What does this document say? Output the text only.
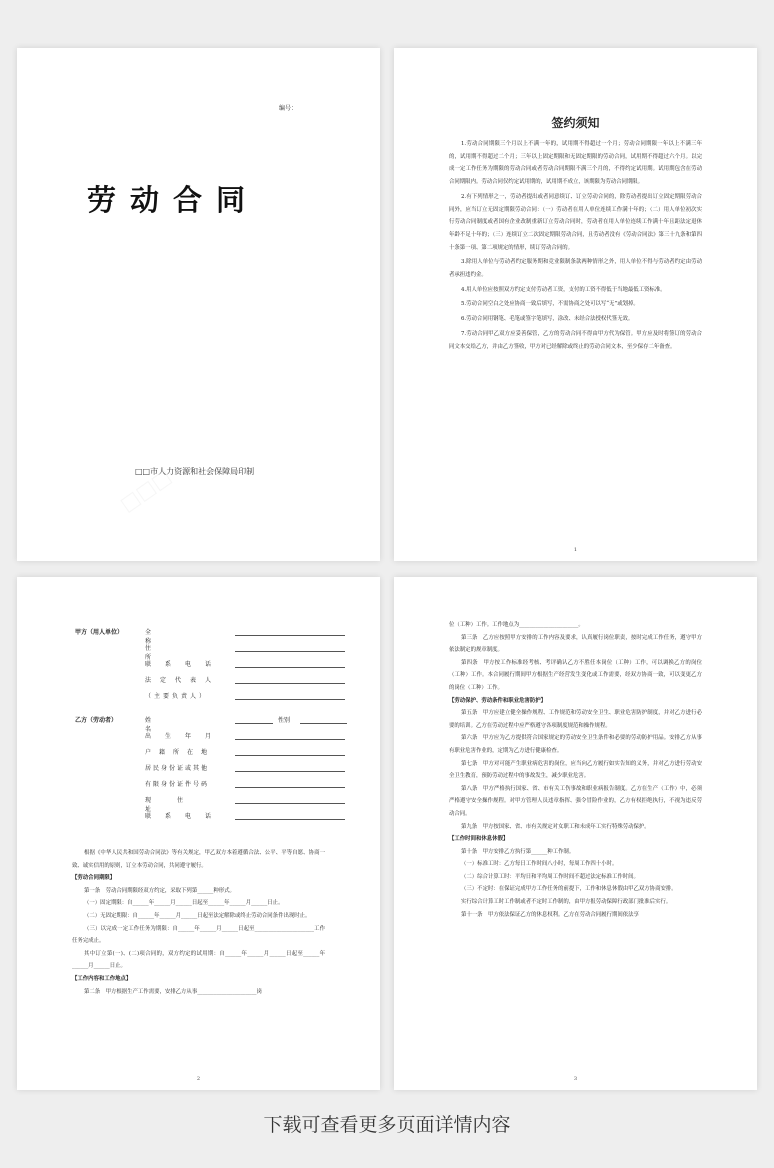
编号：
劳动合同
□□市人力资源和社会保障局印制
签约须知

1.劳动合同期限三个月以上不满一年的，试用期不得超过一个月；劳动合同期限一年以上不满三年的，试用期不得超过二个月；三年以上固定期限和无固定期限的劳动合同，试用期不得超过六个月。以完成一定工作任务为期限的劳动合同或者劳动合同期限不满三个月的，不得约定试用期。试用期包含在劳动合同期限内。劳动合同仅约定试用期的，试用期不成立，该期限为劳动合同期限。

2.有下列情形之一，劳动者提出或者同意续订、订立劳动合同的，除劳动者提出订立固定期限劳动合同外，应当订立无固定期限劳动合同：（一）劳动者在用人单位连续工作满十年的；（二）用人单位初次实行劳动合同制度或者国有企业改制重新订立劳动合同时，劳动者在用人单位连续工作满十年且距法定退休年龄不足十年的；（三）连续订立二次固定期限劳动合同，且劳动者没有《劳动合同法》第三十九条和第四十条第一项、第二项规定的情形，续订劳动合同的。

3.除用人单位与劳动者约定服务期和竞业限制条款两种情形之外，用人单位不得与劳动者约定由劳动者承担违约金。

4.用人单位应按照双方约定支付劳动者工资，支付的工资不得低于当地最低工资标准。

5.劳动合同空白之处应协商一致后填写，不需协商之处可以写“无”或划掉。

6.劳动合同用钢笔、毛笔或签字笔填写，涂改、未经合法授权代签无效。

7.劳动合同甲乙双方应妥善保管，乙方的劳动合同不得由甲方代为保管。甲方应及时将签订的劳动合同文本交给乙方，并由乙方签收，甲方对已经解除或终止的劳动合同文本，至少保存二年备查。

1
甲方（用人单位）	全称
住所
联系电话
法定代表人
（主要负责人）
乙方（劳动者）	姓名
性别
出生年月
户籍所在地
居民身份证或其他
有限身份证件号码
现住址
联系电话

根据《中华人民共和国劳动合同法》等有关规定，甲乙双方本着遵循合法、公平、平等自愿、协商一致、诚实信用的原则，订立本劳动合同，共同遵守履行。

【劳动合同期限】

第一条　劳动合同期限经双方约定，采取下列第______种形式。

（一）固定期限：自______年______月______日起至______年______月______日止。

（二）无固定期限：自______年______月______日起至法定解除或终止劳动合同条件出现时止。

（三）以完成一定工作任务为期限：自______年______月______日起至______________________工作任务完成止。

其中订立第(一)、(二)项合同的，双方约定的试用期：自______年______月______日起至______年______月______日止。

【工作内容和工作地点】

第二条　甲方根据生产工作需要，安排乙方从事______________________岗

2

位（工种）工作。工作地点为______________________。

第三条　乙方应按照甲方安排的工作内容及要求，认真履行岗位职责，按时完成工作任务，遵守甲方依法制定的规章制度。

第四条　甲方按工作标准经考核、考评确认乙方不胜任本岗位（工种）工作，可以调换乙方的岗位（工种）工作。本合同履行期间甲方根据生产经营发生变化或工作需要，经双方协商一致，可以变更乙方的岗位（工种）工作。

【劳动保护、劳动条件和职业危害防护】

第五条　甲方应建立健全操作规程、工作规范和劳动安全卫生、职业危害防护制度，并对乙方进行必要的培训。乙方在劳动过程中应严格遵守各项制度规范和操作规程。

第六条　甲方应为乙方提供符合国家规定的劳动安全卫生条件和必要的劳动防护用品。安排乙方从事有职业危害作业的，定期为乙方进行健康检查。

第七条　甲方对可能产生职业病危害的岗位，应当向乙方履行如实告知的义务，并对乙方进行劳动安全卫生教育，预防劳动过程中的事故发生，减少职业危害。

第八条　甲方严格执行国家、省、市有关工伤事故和职业病报告制度。乙方在生产（工作）中，必须严格遵守安全操作规程。对甲方管理人员违章指挥、强令冒险作业的，乙方有权拒绝执行，不视为违反劳动合同。

第九条　甲方按国家、省、市有关规定对女职工和未成年工实行特殊劳动保护。

【工作时间和休息休假】

第十条　甲方安排乙方执行第______种工作制。

（一）标准工时：乙方每日工作时间八小时，每周工作四十小时。

（二）综合计算工时：平均日和平均周工作时间不超过法定标准工作时间。

（三）不定时：在保证完成甲方工作任务的前提下，工作和休息休假由甲乙双方协商安排。

实行综合计算工时工作制或者不定时工作制的，由甲方报劳动保障行政部门批准后实行。

第十一条　甲方依法保证乙方的休息权利。乙方在劳动合同履行期间依法享

3
下载可查看更多页面详情内容
